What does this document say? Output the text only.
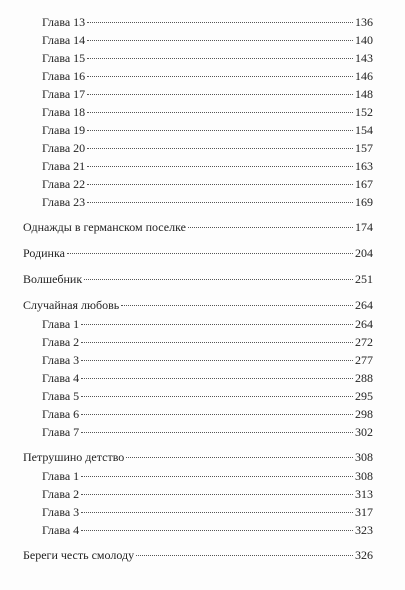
Глава 13	136
Глава 14	140
Глава 15	143
Глава 16	146
Глава 17	148
Глава 18	152
Глава 19	154
Глава 20	157
Глава 21	163
Глава 22	167
Глава 23	169
Однажды в германском поселке	174
Родинка	204
Волшебник	251
Случайная любовь	264
Глава 1	264
Глава 2	272
Глава 3	277
Глава 4	288
Глава 5	295
Глава 6	298
Глава 7	302
Петрушино детство	308
Глава 1	308
Глава 2	313
Глава 3	317
Глава 4	323
Береги честь смолоду	326
